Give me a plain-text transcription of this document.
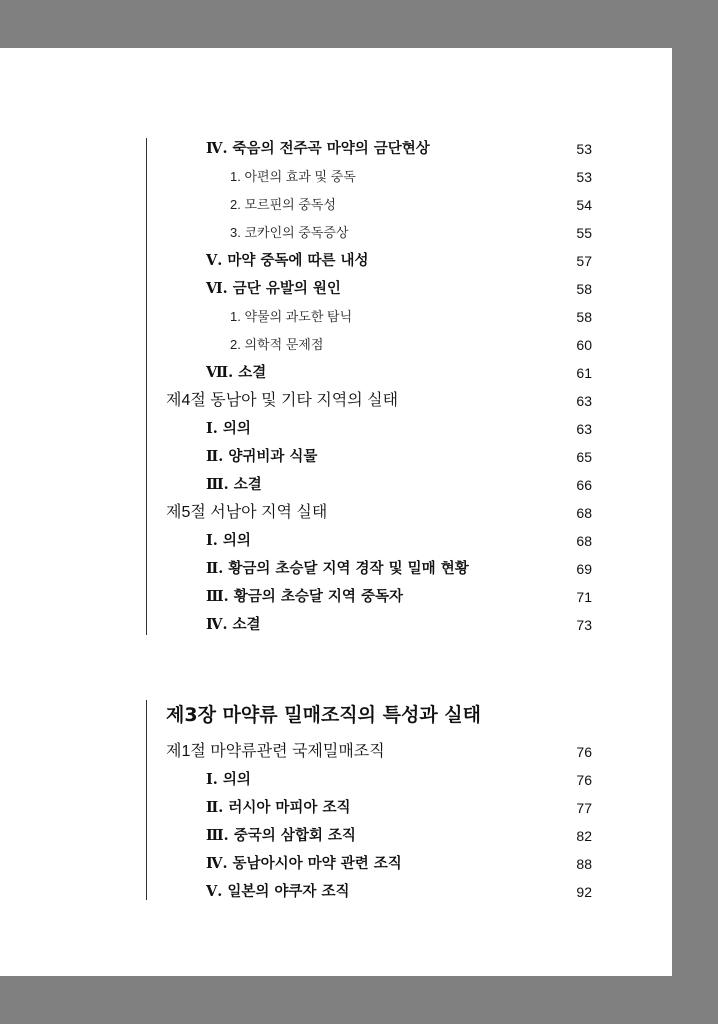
Ⅳ. 죽음의 전주곡 마약의 금단현상	53
1. 아편의 효과 및 중독	53
2. 모르핀의 중독성	54
3. 코카인의 중독증상	55
Ⅴ. 마약 중독에 따른 내성	57
Ⅵ. 금단 유발의 원인	58
1. 약물의 과도한 탐닉	58
2. 의학적 문제점	60
Ⅶ. 소결	61
제4절 동남아 및 기타 지역의 실태	63
Ⅰ. 의의	63
Ⅱ. 양귀비과 식물	65
Ⅲ. 소결	66
제5절 서남아 지역 실태	68
Ⅰ. 의의	68
Ⅱ. 황금의 초승달 지역 경작 및 밀매 현황	69
Ⅲ. 황금의 초승달 지역 중독자	71
Ⅳ. 소결	73
제3장 마약류 밀매조직의 특성과 실태
제1절 마약류관련 국제밀매조직	76
Ⅰ. 의의	76
Ⅱ. 러시아 마피아 조직	77
Ⅲ. 중국의 삼합회 조직	82
Ⅳ. 동남아시아 마약 관련 조직	88
Ⅴ. 일본의 야쿠자 조직	92
